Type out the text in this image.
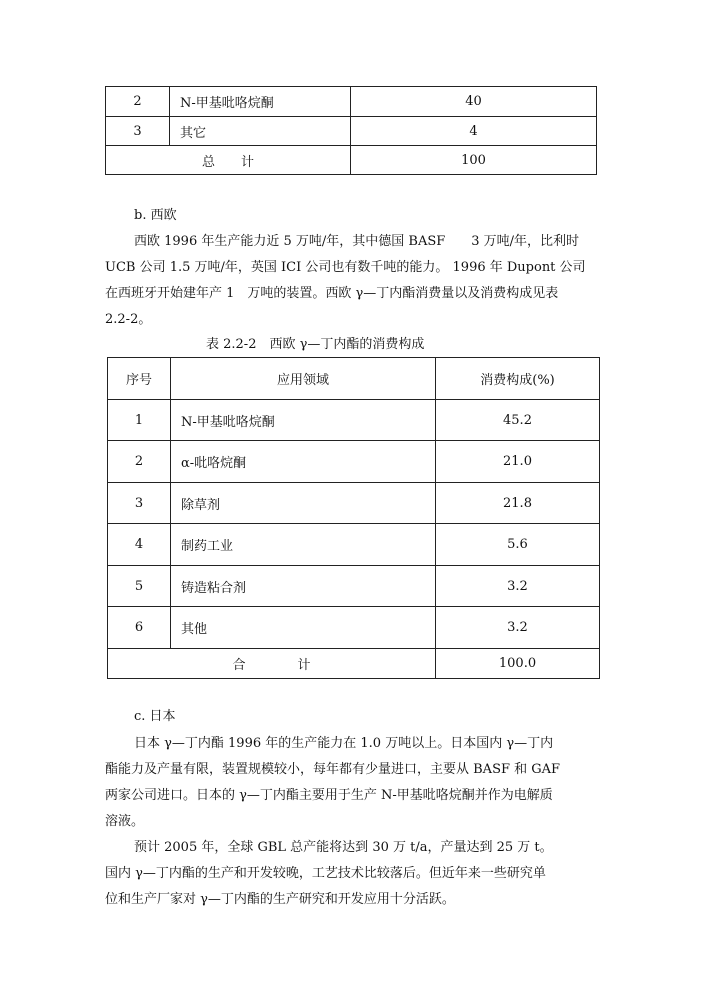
2	N-甲基吡咯烷酮	40
3	其它	4
总　　计		100

b. 西欧

西欧 1996 年生产能力近 5 万吨/年，其中德国 BASF　　3 万吨/年，比利时

UCB 公司 1.5 万吨/年，英国 ICI 公司也有数千吨的能力。 1996 年 Dupont 公司

在西班牙开始建年产 1　万吨的装置。西欧 γ—丁内酯消费量以及消费构成见表

2.2-2。

表 2.2-2　西欧 γ—丁内酯的消费构成

序号	应用领域	消费构成(%)
1	N-甲基吡咯烷酮	45.2
2	α-吡咯烷酮	21.0
3	除草剂	21.8
4	制药工业	5.6
5	铸造粘合剂	3.2
6	其他	3.2
合　　　　计		100.0

c. 日本

日本 γ—丁内酯 1996 年的生产能力在 1.0 万吨以上。日本国内 γ—丁内

酯能力及产量有限，装置规模较小，每年都有少量进口，主要从 BASF 和 GAF

两家公司进口。日本的 γ—丁内酯主要用于生产 N-甲基吡咯烷酮并作为电解质

溶液。

预计 2005 年，全球 GBL 总产能将达到 30 万 t/a，产量达到 25 万 t。

国内 γ—丁内酯的生产和开发较晚，工艺技术比较落后。但近年来一些研究单

位和生产厂家对 γ—丁内酯的生产研究和开发应用十分活跃。
